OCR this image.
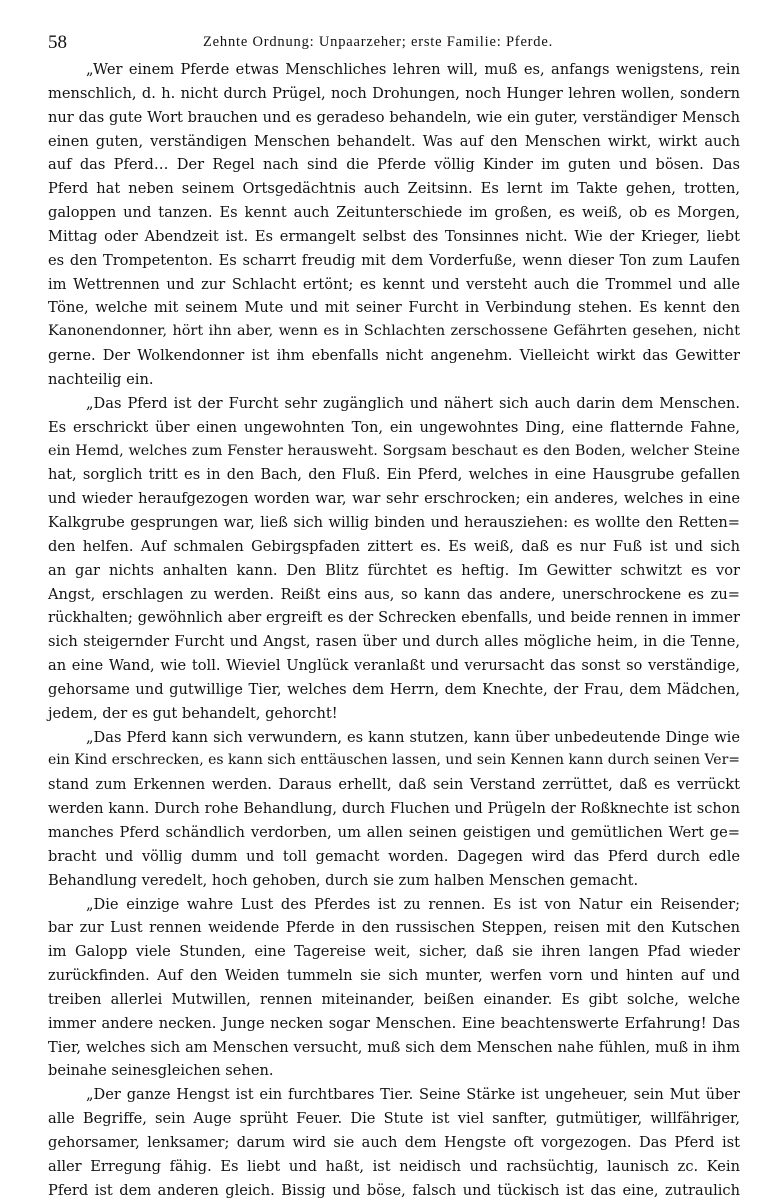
58	Zehnte Ordnung: Unpaarzeher; erste Familie: Pferde.
„Wer einem Pferde etwas Menschliches lehren will, muß es, anfangs wenigstens, rein
menschlich, d. h. nicht durch Prügel, noch Drohungen, noch Hunger lehren wollen, sondern
nur das gute Wort brauchen und es geradeso behandeln, wie ein guter, verständiger Mensch
einen guten, verständigen Menschen behandelt. Was auf den Menschen wirkt, wirkt auch
auf das Pferd… Der Regel nach sind die Pferde völlig Kinder im guten und bösen. Das
Pferd hat neben seinem Ortsgedächtnis auch Zeitsinn. Es lernt im Takte gehen, trotten,
galoppen und tanzen. Es kennt auch Zeitunterschiede im großen, es weiß, ob es Morgen,
Mittag oder Abendzeit ist. Es ermangelt selbst des Tonsinnes nicht. Wie der Krieger, liebt
es den Trompetenton. Es scharrt freudig mit dem Vorderfuße, wenn dieser Ton zum Laufen
im Wettrennen und zur Schlacht ertönt; es kennt und versteht auch die Trommel und alle
Töne, welche mit seinem Mute und mit seiner Furcht in Verbindung stehen. Es kennt den
Kanonendonner, hört ihn aber, wenn es in Schlachten zerschossene Gefährten gesehen, nicht
gerne. Der Wolkendonner ist ihm ebenfalls nicht angenehm. Vielleicht wirkt das Gewitter
nachteilig ein.
„Das Pferd ist der Furcht sehr zugänglich und nähert sich auch darin dem Menschen.
Es erschrickt über einen ungewohnten Ton, ein ungewohntes Ding, eine flatternde Fahne,
ein Hemd, welches zum Fenster herausweht. Sorgsam beschaut es den Boden, welcher Steine
hat, sorglich tritt es in den Bach, den Fluß. Ein Pferd, welches in eine Hausgrube gefallen
und wieder heraufgezogen worden war, war sehr erschrocken; ein anderes, welches in eine
Kalkgrube gesprungen war, ließ sich willig binden und herausziehen: es wollte den Retten=
den helfen. Auf schmalen Gebirgspfaden zittert es. Es weiß, daß es nur Fuß ist und sich
an gar nichts anhalten kann. Den Blitz fürchtet es heftig. Im Gewitter schwitzt es vor
Angst, erschlagen zu werden. Reißt eins aus, so kann das andere, unerschrockene es zu=
rückhalten; gewöhnlich aber ergreift es der Schrecken ebenfalls, und beide rennen in immer
sich steigernder Furcht und Angst, rasen über und durch alles mögliche heim, in die Tenne,
an eine Wand, wie toll. Wieviel Unglück veranlaßt und verursacht das sonst so verständige,
gehorsame und gutwillige Tier, welches dem Herrn, dem Knechte, der Frau, dem Mädchen,
jedem, der es gut behandelt, gehorcht!
„Das Pferd kann sich verwundern, es kann stutzen, kann über unbedeutende Dinge wie
ein Kind erschrecken, es kann sich enttäuschen lassen, und sein Kennen kann durch seinen Ver=
stand zum Erkennen werden. Daraus erhellt, daß sein Verstand zerrüttet, daß es verrückt
werden kann. Durch rohe Behandlung, durch Fluchen und Prügeln der Roßknechte ist schon
manches Pferd schändlich verdorben, um allen seinen geistigen und gemütlichen Wert ge=
bracht und völlig dumm und toll gemacht worden. Dagegen wird das Pferd durch edle
Behandlung veredelt, hoch gehoben, durch sie zum halben Menschen gemacht.
„Die einzige wahre Lust des Pferdes ist zu rennen. Es ist von Natur ein Reisender;
bar zur Lust rennen weidende Pferde in den russischen Steppen, reisen mit den Kutschen
im Galopp viele Stunden, eine Tagereise weit, sicher, daß sie ihren langen Pfad wieder
zurückfinden. Auf den Weiden tummeln sie sich munter, werfen vorn und hinten auf und
treiben allerlei Mutwillen, rennen miteinander, beißen einander. Es gibt solche, welche
immer andere necken. Junge necken sogar Menschen. Eine beachtenswerte Erfahrung! Das
Tier, welches sich am Menschen versucht, muß sich dem Menschen nahe fühlen, muß in ihm
beinahe seinesgleichen sehen.
„Der ganze Hengst ist ein furchtbares Tier. Seine Stärke ist ungeheuer, sein Mut über
alle Begriffe, sein Auge sprüht Feuer. Die Stute ist viel sanfter, gutmütiger, willfähriger,
gehorsamer, lenksamer; darum wird sie auch dem Hengste oft vorgezogen. Das Pferd ist
aller Erregung fähig. Es liebt und haßt, ist neidisch und rachsüchtig, launisch zc. Kein
Pferd ist dem anderen gleich. Bissig und böse, falsch und tückisch ist das eine, zutraulich
